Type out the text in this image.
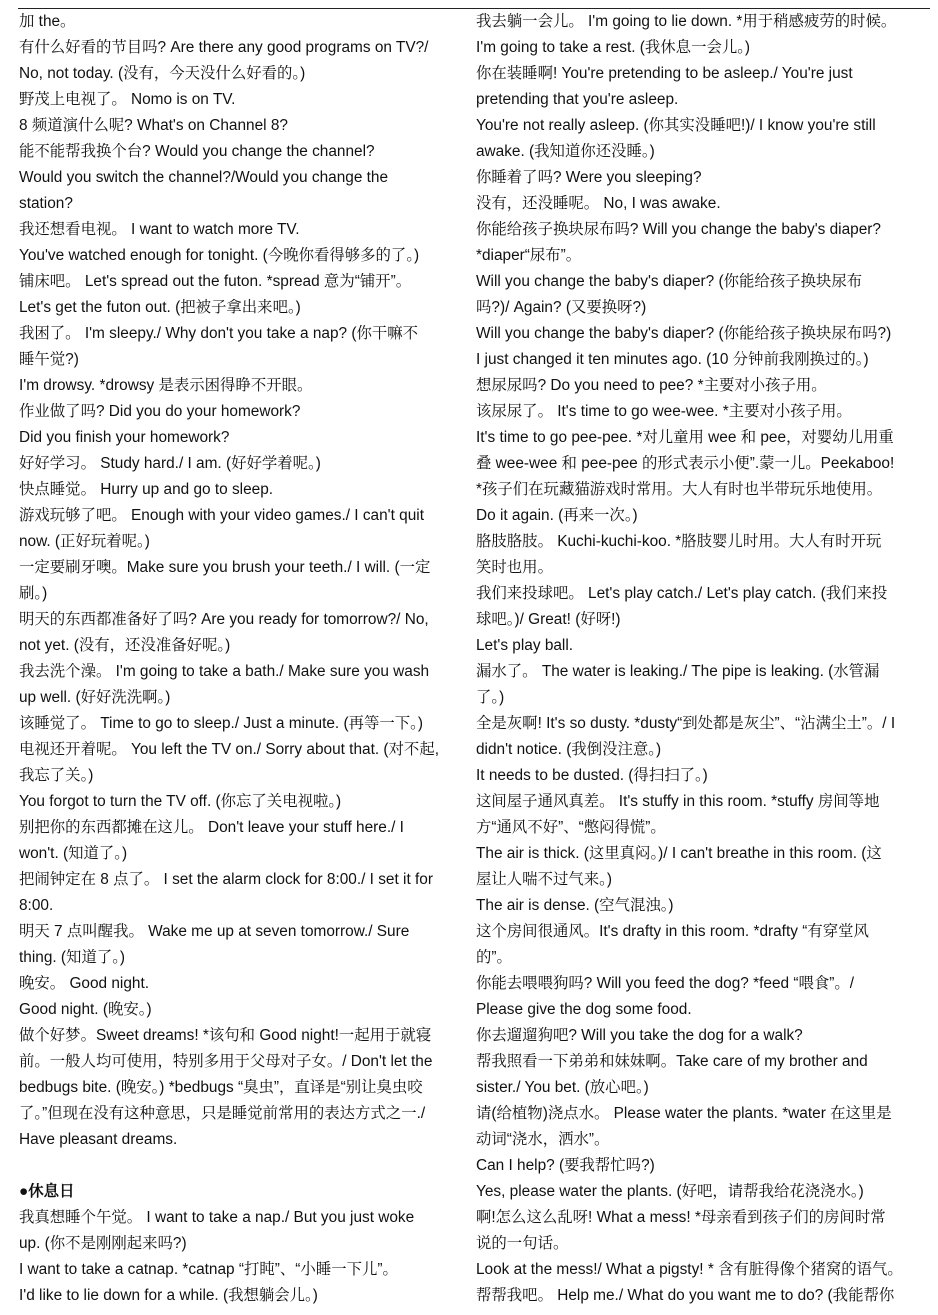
加 the。
有什么好看的节目吗? Are there any good programs on TV?/
No, not today. (没有，今天没什么好看的。)
野茂上电视了。 Nomo is on TV.
8 频道演什么呢? What's on Channel 8?
能不能帮我换个台? Would you change the channel?
Would you switch the channel?/Would you change the
station?
我还想看电视。 I want to watch more TV.
You've watched enough for tonight. (今晚你看得够多的了。)
铺床吧。 Let's spread out the futon. *spread 意为“铺开”。
Let's get the futon out. (把被子拿出来吧。)
我困了。 I'm sleepy./ Why don't you take a nap? (你干嘛不
睡午觉?)
I'm drowsy. *drowsy 是表示困得睁不开眼。
作业做了吗? Did you do your homework?
Did you finish your homework?
好好学习。 Study hard./ I am. (好好学着呢。)
快点睡觉。 Hurry up and go to sleep.
游戏玩够了吧。 Enough with your video games./ I can't quit
now. (正好玩着呢。)
一定要刷牙噢。Make sure you brush your teeth./ I will. (一定
刷。)
明天的东西都准备好了吗? Are you ready for tomorrow?/ No,
not yet. (没有，还没准备好呢。)
我去洗个澡。 I'm going to take a bath./ Make sure you wash
up well. (好好洗洗啊。)
该睡觉了。 Time to go to sleep./ Just a minute. (再等一下。)
电视还开着呢。 You left the TV on./ Sorry about that. (对不起,
我忘了关。)
You forgot to turn the TV off. (你忘了关电视啦。)
别把你的东西都摊在这儿。 Don't leave your stuff here./ I
won't. (知道了。)
把闹钟定在 8 点了。 I set the alarm clock for 8:00./ I set it for
8:00.
明天 7 点叫醒我。 Wake me up at seven tomorrow./ Sure
thing. (知道了。)
晚安。 Good night.
Good night. (晚安。)
做个好梦。Sweet dreams! *该句和 Good night!一起用于就寝
前。一般人均可使用，特别多用于父母对子女。/ Don't let the
bedbugs bite. (晚安。) *bedbugs “臭虫”，直译是“别让臭虫咬
了。”但现在没有这种意思，只是睡觉前常用的表达方式之一./
Have pleasant dreams.
●休息日
我真想睡个午觉。 I want to take a nap./ But you just woke
up. (你不是刚刚起来吗?)
I want to take a catnap. *catnap “打盹”、“小睡一下儿”。
I'd like to lie down for a while. (我想躺会儿。)
我去躺一会儿。 I'm going to lie down. *用于稍感疲劳的时候。
I'm going to take a rest. (我休息一会儿。)
你在装睡啊! You're pretending to be asleep./ You're just
pretending that you're asleep.
You're not really asleep. (你其实没睡吧!)/ I know you're still
awake. (我知道你还没睡。)
你睡着了吗? Were you sleeping?
没有，还没睡呢。 No, I was awake.
你能给孩子换块尿布吗? Will you change the baby's diaper?
*diaper“尿布”。
Will you change the baby's diaper? (你能给孩子换块尿布
吗?)/ Again? (又要换呀?)
Will you change the baby's diaper? (你能给孩子换块尿布吗?)
I just changed it ten minutes ago. (10 分钟前我刚换过的。)
想尿尿吗? Do you need to pee? *主要对小孩子用。
该尿尿了。 It's time to go wee-wee. *主要对小孩子用。
It's time to go pee-pee. *对儿童用 wee 和 pee，对婴幼儿用重
叠 wee-wee 和 pee-pee 的形式表示小便”.蒙一儿。Peekaboo!
*孩子们在玩藏猫游戏时常用。大人有时也半带玩乐地使用。
Do it again. (再来一次。)
胳肢胳肢。 Kuchi-kuchi-koo. *胳肢婴儿时用。大人有时开玩
笑时也用。
我们来投球吧。 Let's play catch./ Let's play catch. (我们来投
球吧。)/ Great! (好呀!)
Let's play ball.
漏水了。 The water is leaking./ The pipe is leaking. (水管漏
了。)
全是灰啊! It's so dusty. *dusty“到处都是灰尘”、“沾满尘土”。/ I
didn't notice. (我倒没注意。)
It needs to be dusted. (得扫扫了。)
这间屋子通风真差。 It's stuffy in this room. *stuffy 房间等地
方“通风不好”、“憋闷得慌”。
The air is thick. (这里真闷。)/ I can't breathe in this room. (这
屋让人喘不过气来。)
The air is dense. (空气混浊。)
这个房间很通风。It's drafty in this room. *drafty “有穿堂风
的”。
你能去喂喂狗吗? Will you feed the dog? *feed “喂食”。/
Please give the dog some food.
你去遛遛狗吧? Will you take the dog for a walk?
帮我照看一下弟弟和妹妹啊。Take care of my brother and
sister./ You bet. (放心吧。)
请(给植物)浇点水。 Please water the plants. *water 在这里是
动词“浇水，洒水”。
Can I help? (要我帮忙吗?)
Yes, please water the plants. (好吧，请帮我给花浇浇水。)
啊!怎么这么乱呀! What a mess! *母亲看到孩子们的房间时常
说的一句话。
Look at the mess!/ What a pigsty! * 含有脏得像个猪窝的语气。
帮帮我吧。 Help me./ What do you want me to do? (我能帮你
